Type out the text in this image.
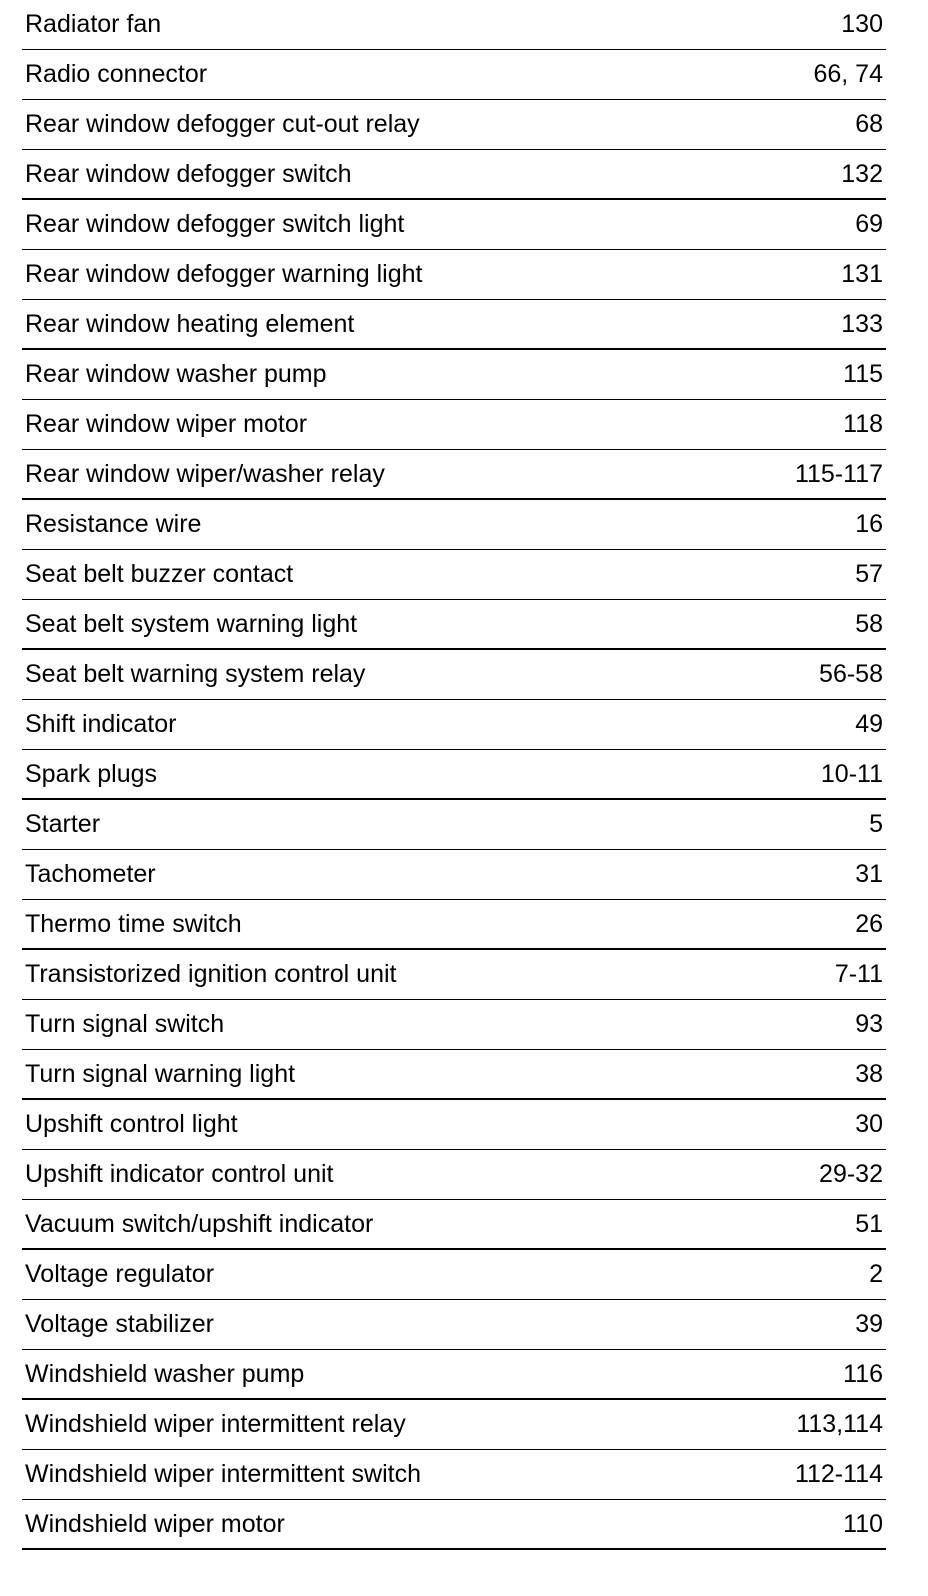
Radiator fan	130
Radio connector	66, 74
Rear window defogger cut-out relay	68
Rear window defogger switch	132
Rear window defogger switch light	69
Rear window defogger warning light	131
Rear window heating element	133
Rear window washer pump	115
Rear window wiper motor	118
Rear window wiper/washer relay	115-117
Resistance wire	16
Seat belt buzzer contact	57
Seat belt system warning light	58
Seat belt warning system relay	56-58
Shift indicator	49
Spark plugs	10-11
Starter	5
Tachometer	31
Thermo time switch	26
Transistorized ignition control unit	7-11
Turn signal switch	93
Turn signal warning light	38
Upshift control light	30
Upshift indicator control unit	29-32
Vacuum switch/upshift indicator	51
Voltage regulator	2
Voltage stabilizer	39
Windshield washer pump	116
Windshield wiper intermittent relay	113,114
Windshield wiper intermittent switch	112-114
Windshield wiper motor	110
